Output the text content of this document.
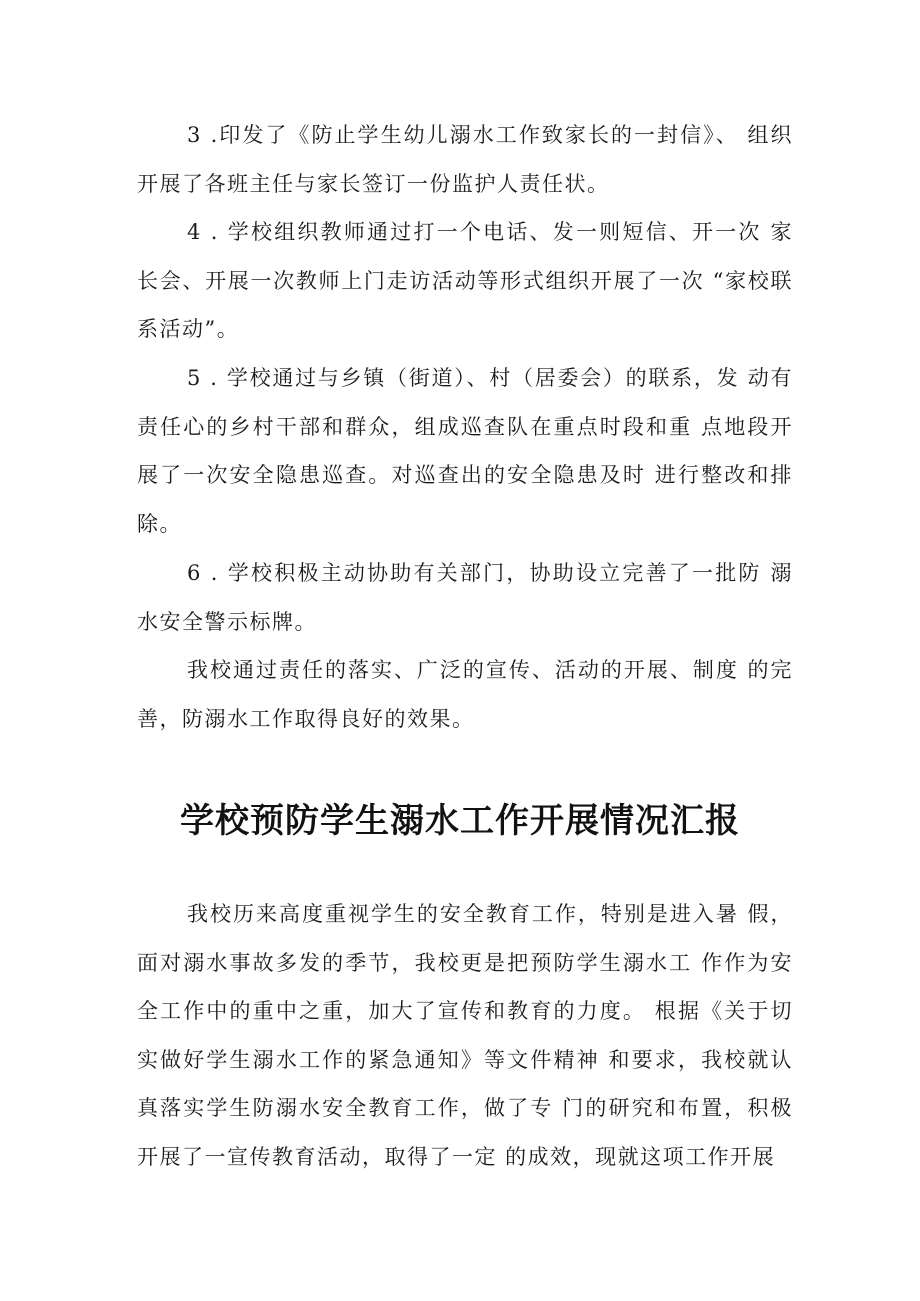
3 .印发了《防止学生幼儿溺水工作致家长的一封信》、 组织开展了各班主任与家长签订一份监护人责任状。

4 . 学校组织教师通过打一个电话、发一则短信、开一次 家长会、开展一次教师上门走访活动等形式组织开展了一次 “家校联系活动”。

5 . 学校通过与乡镇（街道）、村（居委会）的联系，发 动有责任心的乡村干部和群众，组成巡查队在重点时段和重 点地段开展了一次安全隐患巡查。对巡查出的安全隐患及时 进行整改和排除。

6 . 学校积极主动协助有关部门，协助设立完善了一批防 溺水安全警示标牌。

我校通过责任的落实、广泛的宣传、活动的开展、制度 的完善，防溺水工作取得良好的效果。

学校预防学生溺水工作开展情况汇报

我校历来高度重视学生的安全教育工作，特别是进入暑 假，面对溺水事故多发的季节，我校更是把预防学生溺水工 作作为安全工作中的重中之重，加大了宣传和教育的力度。 根据《关于切实做好学生溺水工作的紧急通知》等文件精神 和要求，我校就认真落实学生防溺水安全教育工作，做了专 门的研究和布置，积极开展了一宣传教育活动，取得了一定 的成效，现就这项工作开展
